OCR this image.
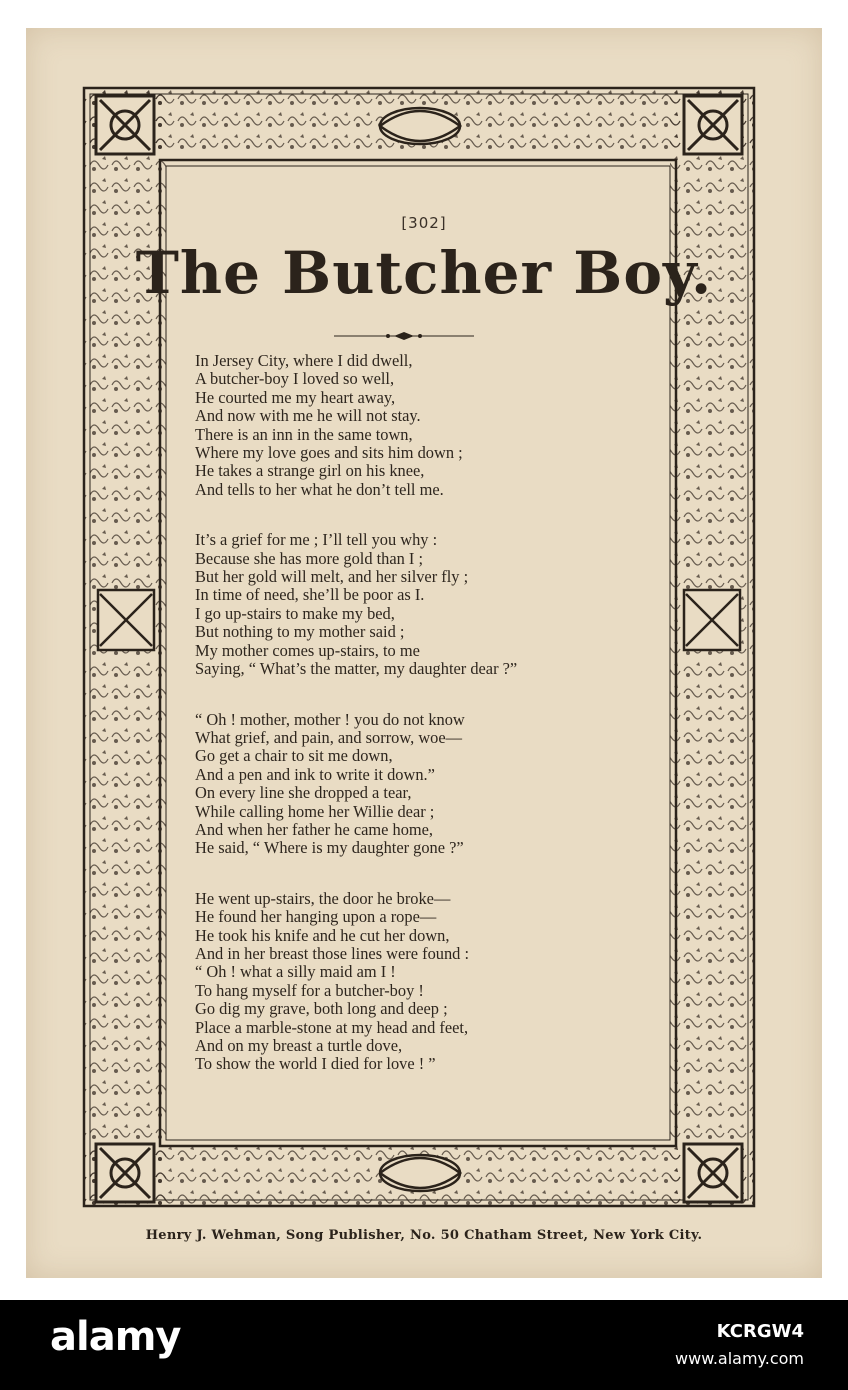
[302]
The Butcher Boy.
In Jersey City, where I did dwell,
A butcher-boy I loved so well,
He courted me my heart away,
And now with me he will not stay.
There is an inn in the same town,
Where my love goes and sits him down ;
He takes a strange girl on his knee,
And tells to her what he don’t tell me.
It’s a grief for me ; I’ll tell you why :
Because she has more gold than I ;
But her gold will melt, and her silver fly ;
In time of need, she’ll be poor as I.
I go up-stairs to make my bed,
But nothing to my mother said ;
My mother comes up-stairs, to me
Saying, “ What’s the matter, my daughter dear ?”
“ Oh ! mother, mother ! you do not know
What grief, and pain, and sorrow, woe—
Go get a chair to sit me down,
And a pen and ink to write it down.”
On every line she dropped a tear,
While calling home her Willie dear ;
And when her father he came home,
He said, “ Where is my daughter gone ?”
He went up-stairs, the door he broke—
He found her hanging upon a rope—
He took his knife and he cut her down,
And in her breast those lines were found :
“ Oh ! what a silly maid am I !
To hang myself for a butcher-boy !
Go dig my grave, both long and deep ;
Place a marble-stone at my head and feet,
And on my breast a turtle dove,
To show the world I died for love ! ”
Henry J. Wehman, Song Publisher, No. 50 Chatham Street, New York City.
alamy	KCRGW4
www.alamy.com
